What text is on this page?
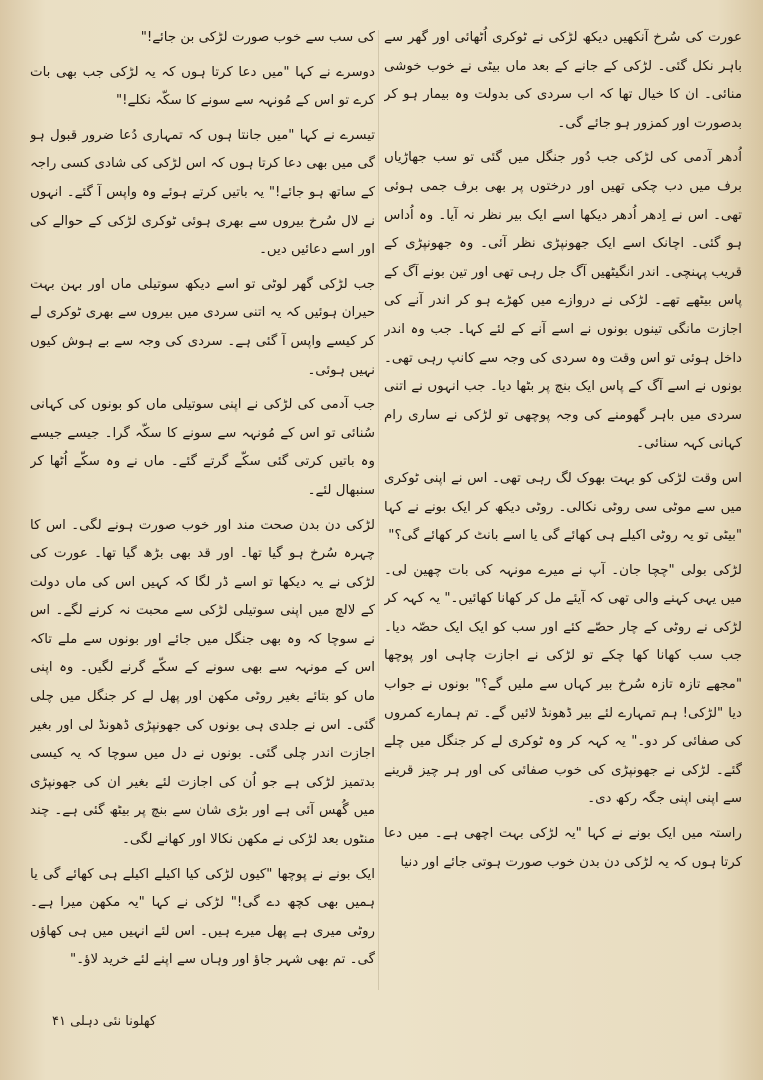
عورت کی سُرخ آنکھیں دیکھ لڑکی نے ٹوکری اُٹھائی اور گھر سے باہر نکل گئی۔ لڑکی کے جانے کے بعد ماں بیٹی نے خوب خوشی منائی۔ ان کا خیال تھا کہ اب سردی کی بدولت وہ بیمار ہو کر بدصورت اور کمزور ہو جائے گی۔

اُدھر آدمی کی لڑکی جب دُور جنگل میں گئی تو سب جھاڑیاں برف میں دب چکی تھیں اور درختوں پر بھی برف جمی ہوئی تھی۔ اس نے اِدھر اُدھر دیکھا اسے ایک بیر نظر نہ آیا۔ وہ اُداس ہو گئی۔ اچانک اسے ایک جھونپڑی نظر آئی۔ وہ جھونپڑی کے قریب پہنچی۔ اندر انگیٹھیں آگ جل رہی تھی اور تین بونے آگ کے پاس بیٹھے تھے۔ لڑکی نے دروازے میں کھڑے ہو کر اندر آنے کی اجازت مانگی تینوں بونوں نے اسے آنے کے لئے کہا۔ جب وہ اندر داخل ہوئی تو اس وقت وہ سردی کی وجہ سے کانپ رہی تھی۔ بونوں نے اسے آگ کے پاس ایک بنچ پر بٹھا دیا۔ جب انہوں نے اتنی سردی میں باہر گھومنے کی وجہ پوچھی تو لڑکی نے ساری رام کہانی کہہ سنائی۔

اس وقت لڑکی کو بہت بھوک لگ رہی تھی۔ اس نے اپنی ٹوکری میں سے موٹی سی روٹی نکالی۔ روٹی دیکھ کر ایک بونے نے کہا "بیٹی تو یہ روٹی اکیلے ہی کھائے گی یا اسے بانٹ کر کھائے گی؟"

لڑکی بولی "چچا جان۔ آپ نے میرے مونہہ کی بات چھین لی۔ میں یہی کہنے والی تھی کہ آیئے مل کر کھانا کھائیں۔" یہ کہہ کر لڑکی نے روٹی کے چار حصّے کئے اور سب کو ایک ایک حصّہ دیا۔ جب سب کھانا کھا چکے تو لڑکی نے اجازت چاہی اور پوچھا "مجھے تازہ تازہ سُرخ بیر کہاں سے ملیں گے؟" بونوں نے جواب دیا "لڑکی! ہم تمہارے لئے بیر ڈھونڈ لائیں گے۔ تم ہمارے کمروں کی صفائی کر دو۔" یہ کہہ کر وہ ٹوکری لے کر جنگل میں چلے گئے۔ لڑکی نے جھونپڑی کی خوب صفائی کی اور ہر چیز قرینے سے اپنی اپنی جگہ رکھ دی۔

راستہ میں ایک بونے نے کہا "یہ لڑکی بہت اچھی ہے۔ میں دعا کرتا ہوں کہ یہ لڑکی دن بدن خوب صورت ہوتی جائے اور دنیا

کی سب سے خوب صورت لڑکی بن جائے!"

دوسرے نے کہا "میں دعا کرتا ہوں کہ یہ لڑکی جب بھی بات کرے تو اس کے مُونہہ سے سونے کا سکّہ نکلے!"

تیسرے نے کہا "میں جانتا ہوں کہ تمہاری دُعا ضرور قبول ہو گی میں بھی دعا کرتا ہوں کہ اس لڑکی کی شادی کسی راجہ کے ساتھ ہو جائے!" یہ باتیں کرتے ہوئے وہ واپس آ گئے۔ انہوں نے لال سُرخ بیروں سے بھری ہوئی ٹوکری لڑکی کے حوالے کی اور اسے دعائیں دیں۔

جب لڑکی گھر لوٹی تو اسے دیکھ سوتیلی ماں اور بہن بہت حیران ہوئیں کہ یہ اتنی سردی میں بیروں سے بھری ٹوکری لے کر کیسے واپس آ گئی ہے۔ سردی کی وجہ سے بے ہوش کیوں نہیں ہوئی۔

جب آدمی کی لڑکی نے اپنی سوتیلی ماں کو بونوں کی کہانی سُنائی تو اس کے مُونہہ سے سونے کا سکّہ گرا۔ جیسے جیسے وہ باتیں کرتی گئی سکّے گرتے گئے۔ ماں نے وہ سکّے اُٹھا کر سنبھال لئے۔

لڑکی دن بدن صحت مند اور خوب صورت ہونے لگی۔ اس کا چہرہ سُرخ ہو گیا تھا۔ اور قد بھی بڑھ گیا تھا۔ عورت کی لڑکی نے یہ دیکھا تو اسے ڈر لگا کہ کہیں اس کی ماں دولت کے لالچ میں اپنی سوتیلی لڑکی سے محبت نہ کرنے لگے۔ اس نے سوچا کہ وہ بھی جنگل میں جائے اور بونوں سے ملے تاکہ اس کے مونہہ سے بھی سونے کے سکّے گرنے لگیں۔ وہ اپنی ماں کو بتائے بغیر روٹی مکھن اور پھل لے کر جنگل میں چلی گئی۔ اس نے جلدی ہی بونوں کی جھونپڑی ڈھونڈ لی اور بغیر اجازت اندر چلی گئی۔ بونوں نے دل میں سوچا کہ یہ کیسی بدتمیز لڑکی ہے جو اُن کی اجازت لئے بغیر ان کی جھونپڑی میں گُھس آئی ہے اور بڑی شان سے بنچ پر بیٹھ گئی ہے۔ چند منٹوں بعد لڑکی نے مکھن نکالا اور کھانے لگی۔

ایک بونے نے پوچھا "کیوں لڑکی کیا اکیلے اکیلے ہی کھائے گی یا ہمیں بھی کچھ دے گی!" لڑکی نے کہا "یہ مکھن میرا ہے۔ روٹی میری ہے پھل میرے ہیں۔ اس لئے انہیں میں ہی کھاؤں گی۔ تم بھی شہر جاؤ اور وہاں سے اپنے لئے خرید لاؤ۔"

کھلونا نئی دہلی ۴۱
